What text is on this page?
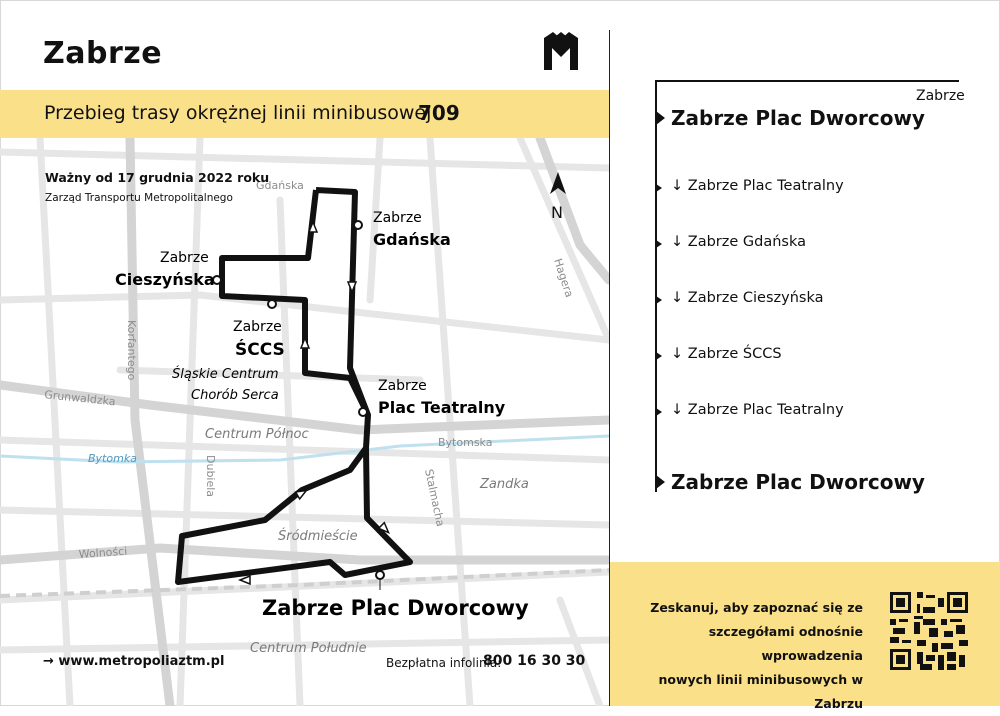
Zabrze
Przebieg trasy okrężnej linii minibusowej
709
Gdańska
Hagera
Korfantego
Grunwaldzka
Bytomska
Dubiela	Stalmacha
Wolności
Bytomka
Centrum Północ
Zandka
Śródmieście
Centrum Południe
N
Zabrze
Gdańska
Zabrze
Cieszyńska
Zabrze
ŚCCS
Śląskie Centrum
Chorób Serca
Zabrze
Plac Teatralny
Zabrze Plac Dworcowy
Ważny od 17 grudnia 2022 roku
Zarząd Transportu Metropolitalnego
→ www.metropoliaztm.pl	Bezpłatna infolinia:
800 16 30 30
Zabrze
Zabrze Plac Dworcowy
↓ Zabrze Plac Teatralny
↓ Zabrze Gdańska
↓ Zabrze Cieszyńska
↓ Zabrze ŚCCS
↓ Zabrze Plac Teatralny
Zabrze Plac Dworcowy
Zeskanuj, aby zapoznać się ze
szczegółami odnośnie wprowadzenia
nowych linii minibusowych w Zabrzu
